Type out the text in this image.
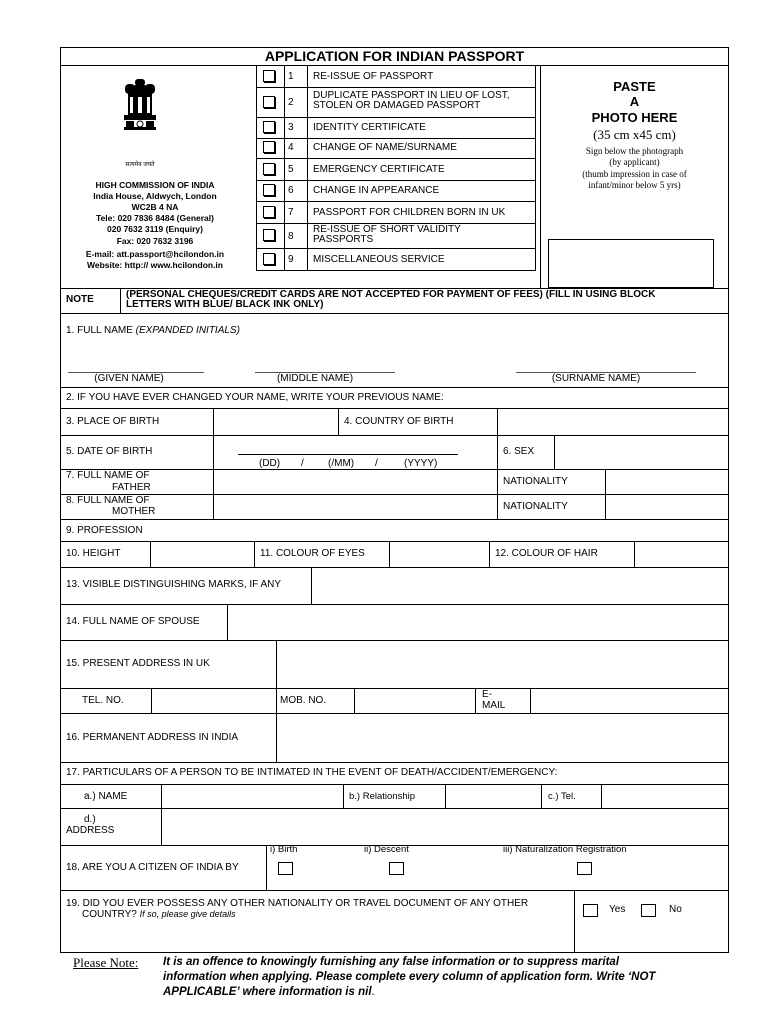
APPLICATION FOR INDIAN PASSPORT
सत्यमेव जयते
HIGH COMMISSION OF INDIA
India House, Aldwych, London
WC2B 4 NA
Tele: 020 7836 8484 (General)
020 7632 3119 (Enquiry)
Fax: 020 7632 3196
E-mail: att.passport@hcilondon.in
Website: http:// www.hcilondon.in
1 RE-ISSUE OF PASSPORT
2
DUPLICATE PASSPORT IN LIEU OF LOST,
STOLEN OR DAMAGED PASSPORT
3 IDENTITY CERTIFICATE
4 CHANGE OF NAME/SURNAME
5 EMERGENCY CERTIFICATE
6 CHANGE IN APPEARANCE
7 PASSPORT FOR CHILDREN BORN IN UK
8
RE-ISSUE OF SHORT VALIDITY
PASSPORTS
9 MISCELLANEOUS SERVICE
PASTE
A
PHOTO HERE
(35 cm x45 cm)
Sign below the photograph
(by applicant)
(thumb impression in case of
infant/minor below 5 yrs)
NOTE	(PERSONAL CHEQUES/CREDIT CARDS ARE NOT ACCEPTED FOR PAYMENT OF FEES) (FILL IN USING BLOCK
LETTERS WITH BLUE/ BLACK INK ONLY)
1. FULL NAME (EXPANDED INITIALS)
(GIVEN NAME)	(MIDDLE NAME)	(SURNAME NAME)
2. IF YOU HAVE EVER CHANGED YOUR NAME, WRITE YOUR PREVIOUS NAME:
3. PLACE OF BIRTH	4. COUNTRY OF BIRTH
5. DATE OF BIRTH
(DD) / (/MM) /	(YYYY)
6. SEX
7. FULL NAME OF
FATHER
NATIONALITY
8. FULL NAME OF
MOTHER	NATIONALITY
9. PROFESSION
10. HEIGHT	11. COLOUR OF EYES	12. COLOUR OF HAIR
13. VISIBLE DISTINGUISHING MARKS, IF ANY
14. FULL NAME OF SPOUSE
15. PRESENT ADDRESS IN UK
TEL. NO.	MOB. NO.
E-
MAIL
16. PERMANENT ADDRESS IN INDIA
17. PARTICULARS OF A PERSON TO BE INTIMATED IN THE EVENT OF DEATH/ACCIDENT/EMERGENCY:
a.) NAME	b.) Relationship	c.) Tel.
d.)
ADDRESS
18. ARE YOU A CITIZEN OF INDIA BY
i) Birth	ii) Descent	iii) Naturalization Registration
19. DID YOU EVER POSSESS ANY OTHER NATIONALITY OR TRAVEL DOCUMENT OF ANY OTHER
COUNTRY? If so, please give details	Yes	No
Please Note: It is an offence to knowingly furnishing any false information or to suppress marital
information when applying. Please complete every column of application form. Write ‘NOT
APPLICABLE’ where information is nil.
